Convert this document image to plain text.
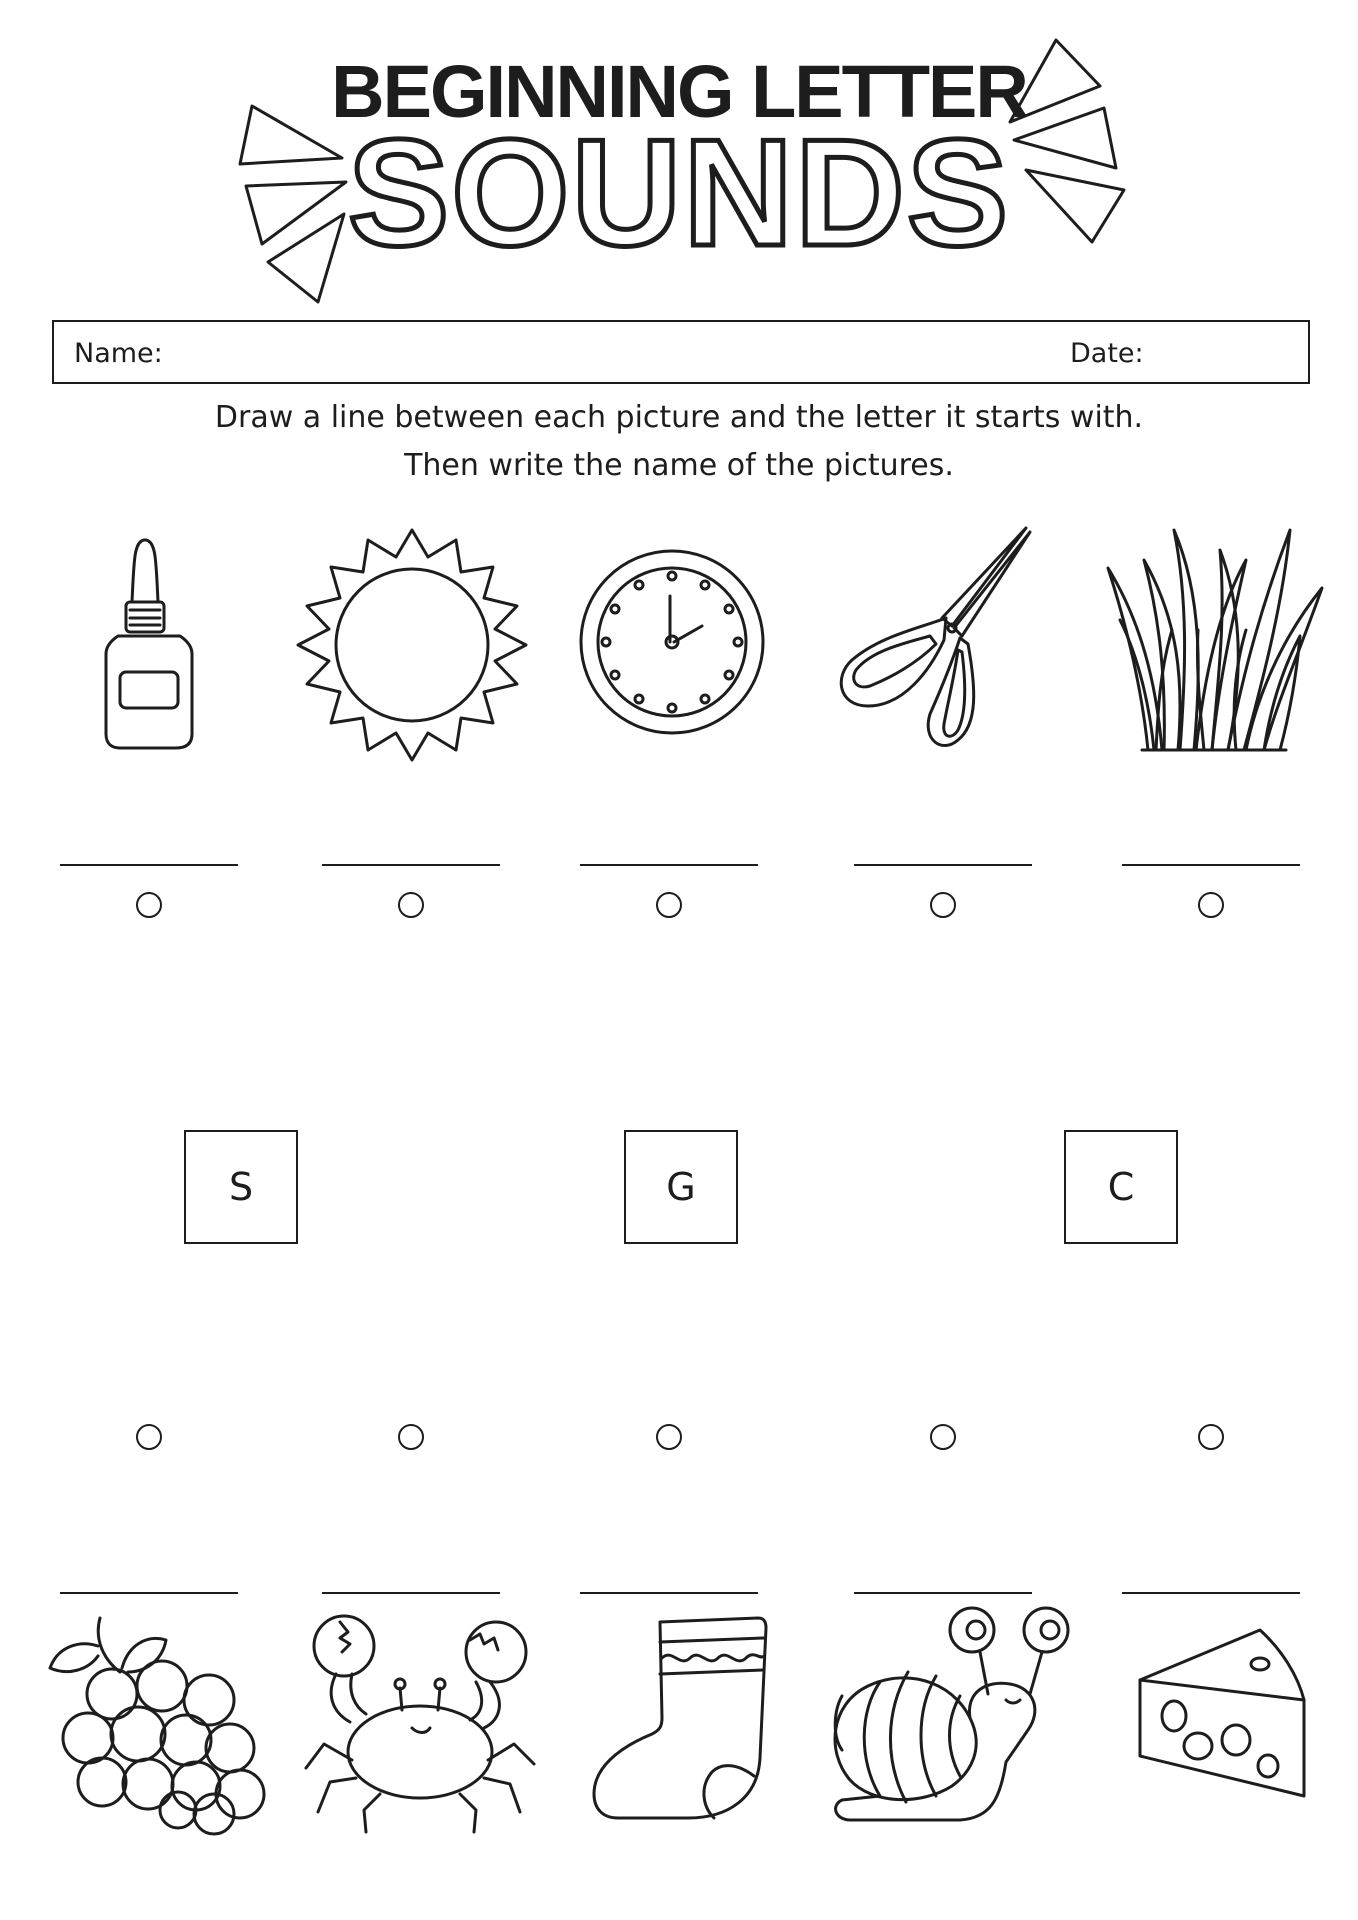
BEGINNING LETTER
SOUNDS
Name:	Date:
Draw a line between each picture and the letter it starts with.
Then write the name of the pictures.
S	G	C
